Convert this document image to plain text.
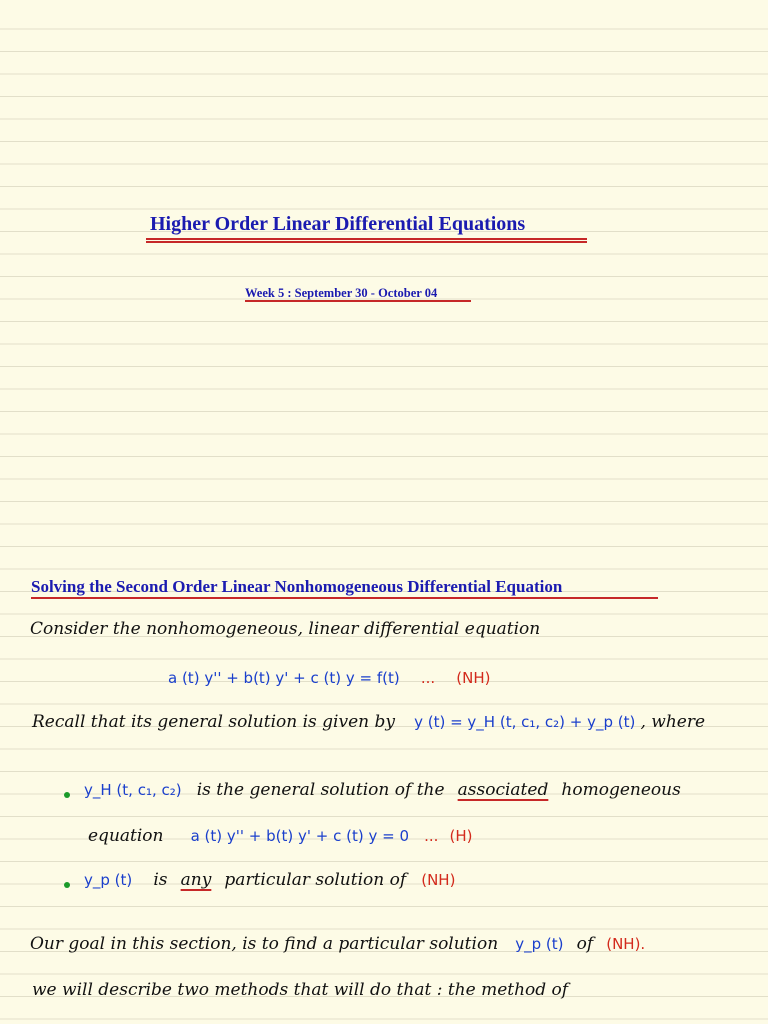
Higher Order Linear Differential Equations
Week 5 : September 30 - October 04
Solving the Second Order Linear Nonhomogeneous Differential Equation
Consider the nonhomogeneous, linear differential equation
a (t) y'' + b(t) y' + c (t) y = f(t) ... (NH)
Recall that its general solution is given by y (t) = y_H (t, c₁, c₂) + y_p (t) , where
y_H (t, c₁, c₂) is the general solution of the associated homogeneous
equation a (t) y'' + b(t) y' + c (t) y = 0 ... (H)
y_p (t) is any particular solution of (NH)
Our goal in this section, is to find a particular solution y_p (t) of (NH).
we will describe two methods that will do that : the method of
